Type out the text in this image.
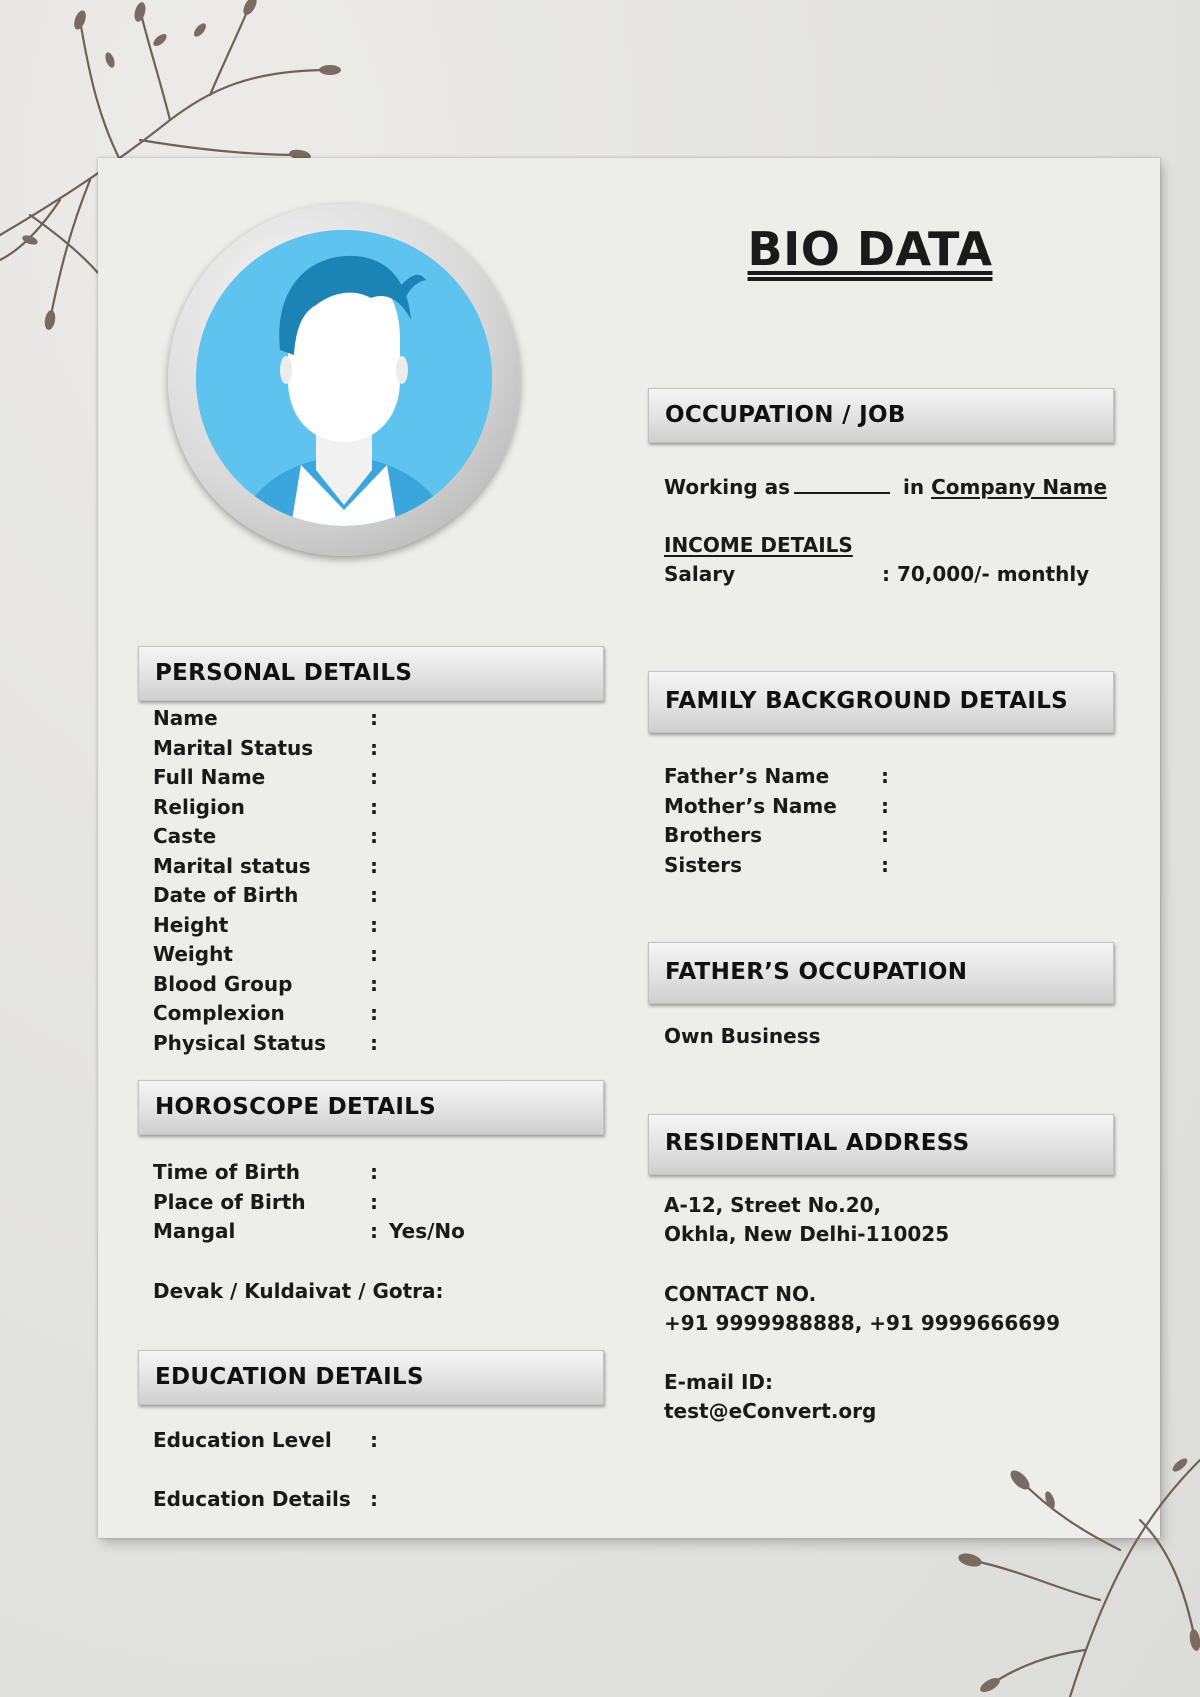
BIO DATA
PERSONAL DETAILS
Name	:
Marital Status	:
Full Name	:
Religion	:
Caste	:
Marital status	:
Date of Birth	:
Height	:
Weight	:
Blood Group	:
Complexion	:
Physical Status :
HOROSCOPE DETAILS
Time of Birth	:
Place of Birth	:
Mangal	: Yes/No
Devak / Kuldaivat / Gotra:
EDUCATION DETAILS
Education Level :
Education Details :
OCCUPATION / JOB
Working as	in Company Name
INCOME DETAILS
Salary	: 70,000/- monthly
FAMILY BACKGROUND DETAILS
Father’s Name	:
Mother’s Name :
Brothers	:
Sisters	:
FATHER’S OCCUPATION
Own Business
RESIDENTIAL ADDRESS
A-12, Street No.20,
Okhla, New Delhi-110025
CONTACT NO.
+91 9999988888, +91 9999666699
E-mail ID:
test@eConvert.org
